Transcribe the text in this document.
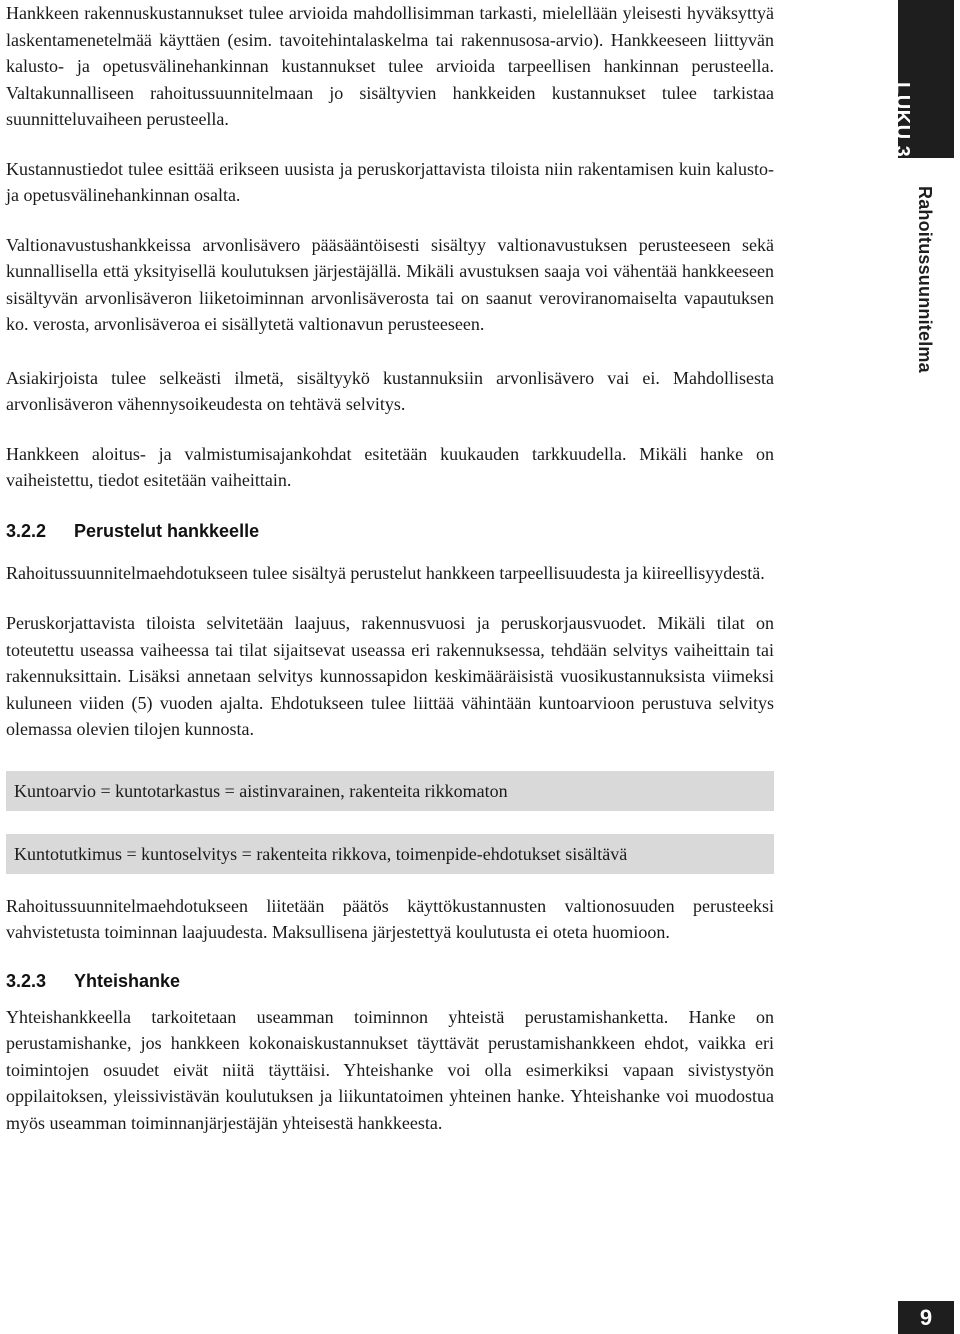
Hankkeen rakennuskustannukset tulee arvioida mahdollisimman tarkasti, mielellään yleisesti hyväksyttyä laskentamenetelmää käyttäen (esim. tavoitehintalaskelma tai rakennusosa-arvio). Hankkeeseen liittyvän kalusto- ja opetusvälinehankinnan kustannukset tulee arvioida tarpeellisen hankinnan perusteella. Valtakunnalliseen rahoitussuunnitelmaan jo sisältyvien hankkeiden kustannukset tulee tarkistaa suunnitteluvaiheen perusteella.

Kustannustiedot tulee esittää erikseen uusista ja peruskorjattavista tiloista niin rakentamisen kuin kalusto- ja opetusvälinehankinnan osalta.

Valtionavustushankkeissa arvonlisävero pääsääntöisesti sisältyy valtionavustuksen perusteeseen sekä kunnallisella että yksityisellä koulutuksen järjestäjällä. Mikäli avustuksen saaja voi vähentää hankkeeseen sisältyvän arvonlisäveron liiketoiminnan arvonlisäverosta tai on saanut veroviranomaiselta vapautuksen ko. verosta, arvonlisäveroa ei sisällytetä valtionavun perusteeseen.

Asiakirjoista tulee selkeästi ilmetä, sisältyykö kustannuksiin arvonlisävero vai ei. Mahdollisesta arvonlisäveron vähennysoikeudesta on tehtävä selvitys.

Hankkeen aloitus- ja valmistumisajankohdat esitetään kuukauden tarkkuudella. Mikäli hanke on vaiheistettu, tiedot esitetään vaiheittain.

3.2.2 Perustelut hankkeelle

Rahoitussuunnitelmaehdotukseen tulee sisältyä perustelut hankkeen tarpeellisuudesta ja kiireellisyydestä.

Peruskorjattavista tiloista selvitetään laajuus, rakennusvuosi ja peruskorjausvuodet. Mikäli tilat on toteutettu useassa vaiheessa tai tilat sijaitsevat useassa eri rakennuksessa, tehdään selvitys vaiheittain tai rakennuksittain. Lisäksi annetaan selvitys kunnossapidon keskimääräisistä vuosikustannuksista viimeksi kuluneen viiden (5) vuoden ajalta. Ehdotukseen tulee liittää vähintään kuntoarvioon perustuva selvitys olemassa olevien tilojen kunnosta.

Kuntoarvio = kuntotarkastus = aistinvarainen, rakenteita rikkomaton
Kuntotutkimus = kuntoselvitys = rakenteita rikkova, toimenpide-ehdotukset sisältävä

Rahoitussuunnitelmaehdotukseen liitetään päätös käyttökustannusten valtionosuuden perusteeksi vahvistetusta toiminnan laajuudesta. Maksullisena järjestettyä koulutusta ei oteta huomioon.

3.2.3 Yhteishanke

Yhteishankkeella tarkoitetaan useamman toiminnon yhteistä perustamishanketta. Hanke on perustamishanke, jos hankkeen kokonaiskustannukset täyttävät perustamishankkeen ehdot, vaikka eri toimintojen osuudet eivät niitä täyttäisi. Yhteishanke voi olla esimerkiksi vapaan sivistystyön oppilaitoksen, yleissivistävän koulutuksen ja liikuntatoimen yhteinen hanke. Yhteishanke voi muodostua myös useamman toiminnanjärjestäjän yhteisestä hankkeesta.

LUKU 3.
Rahoitussuunnitelma
9
